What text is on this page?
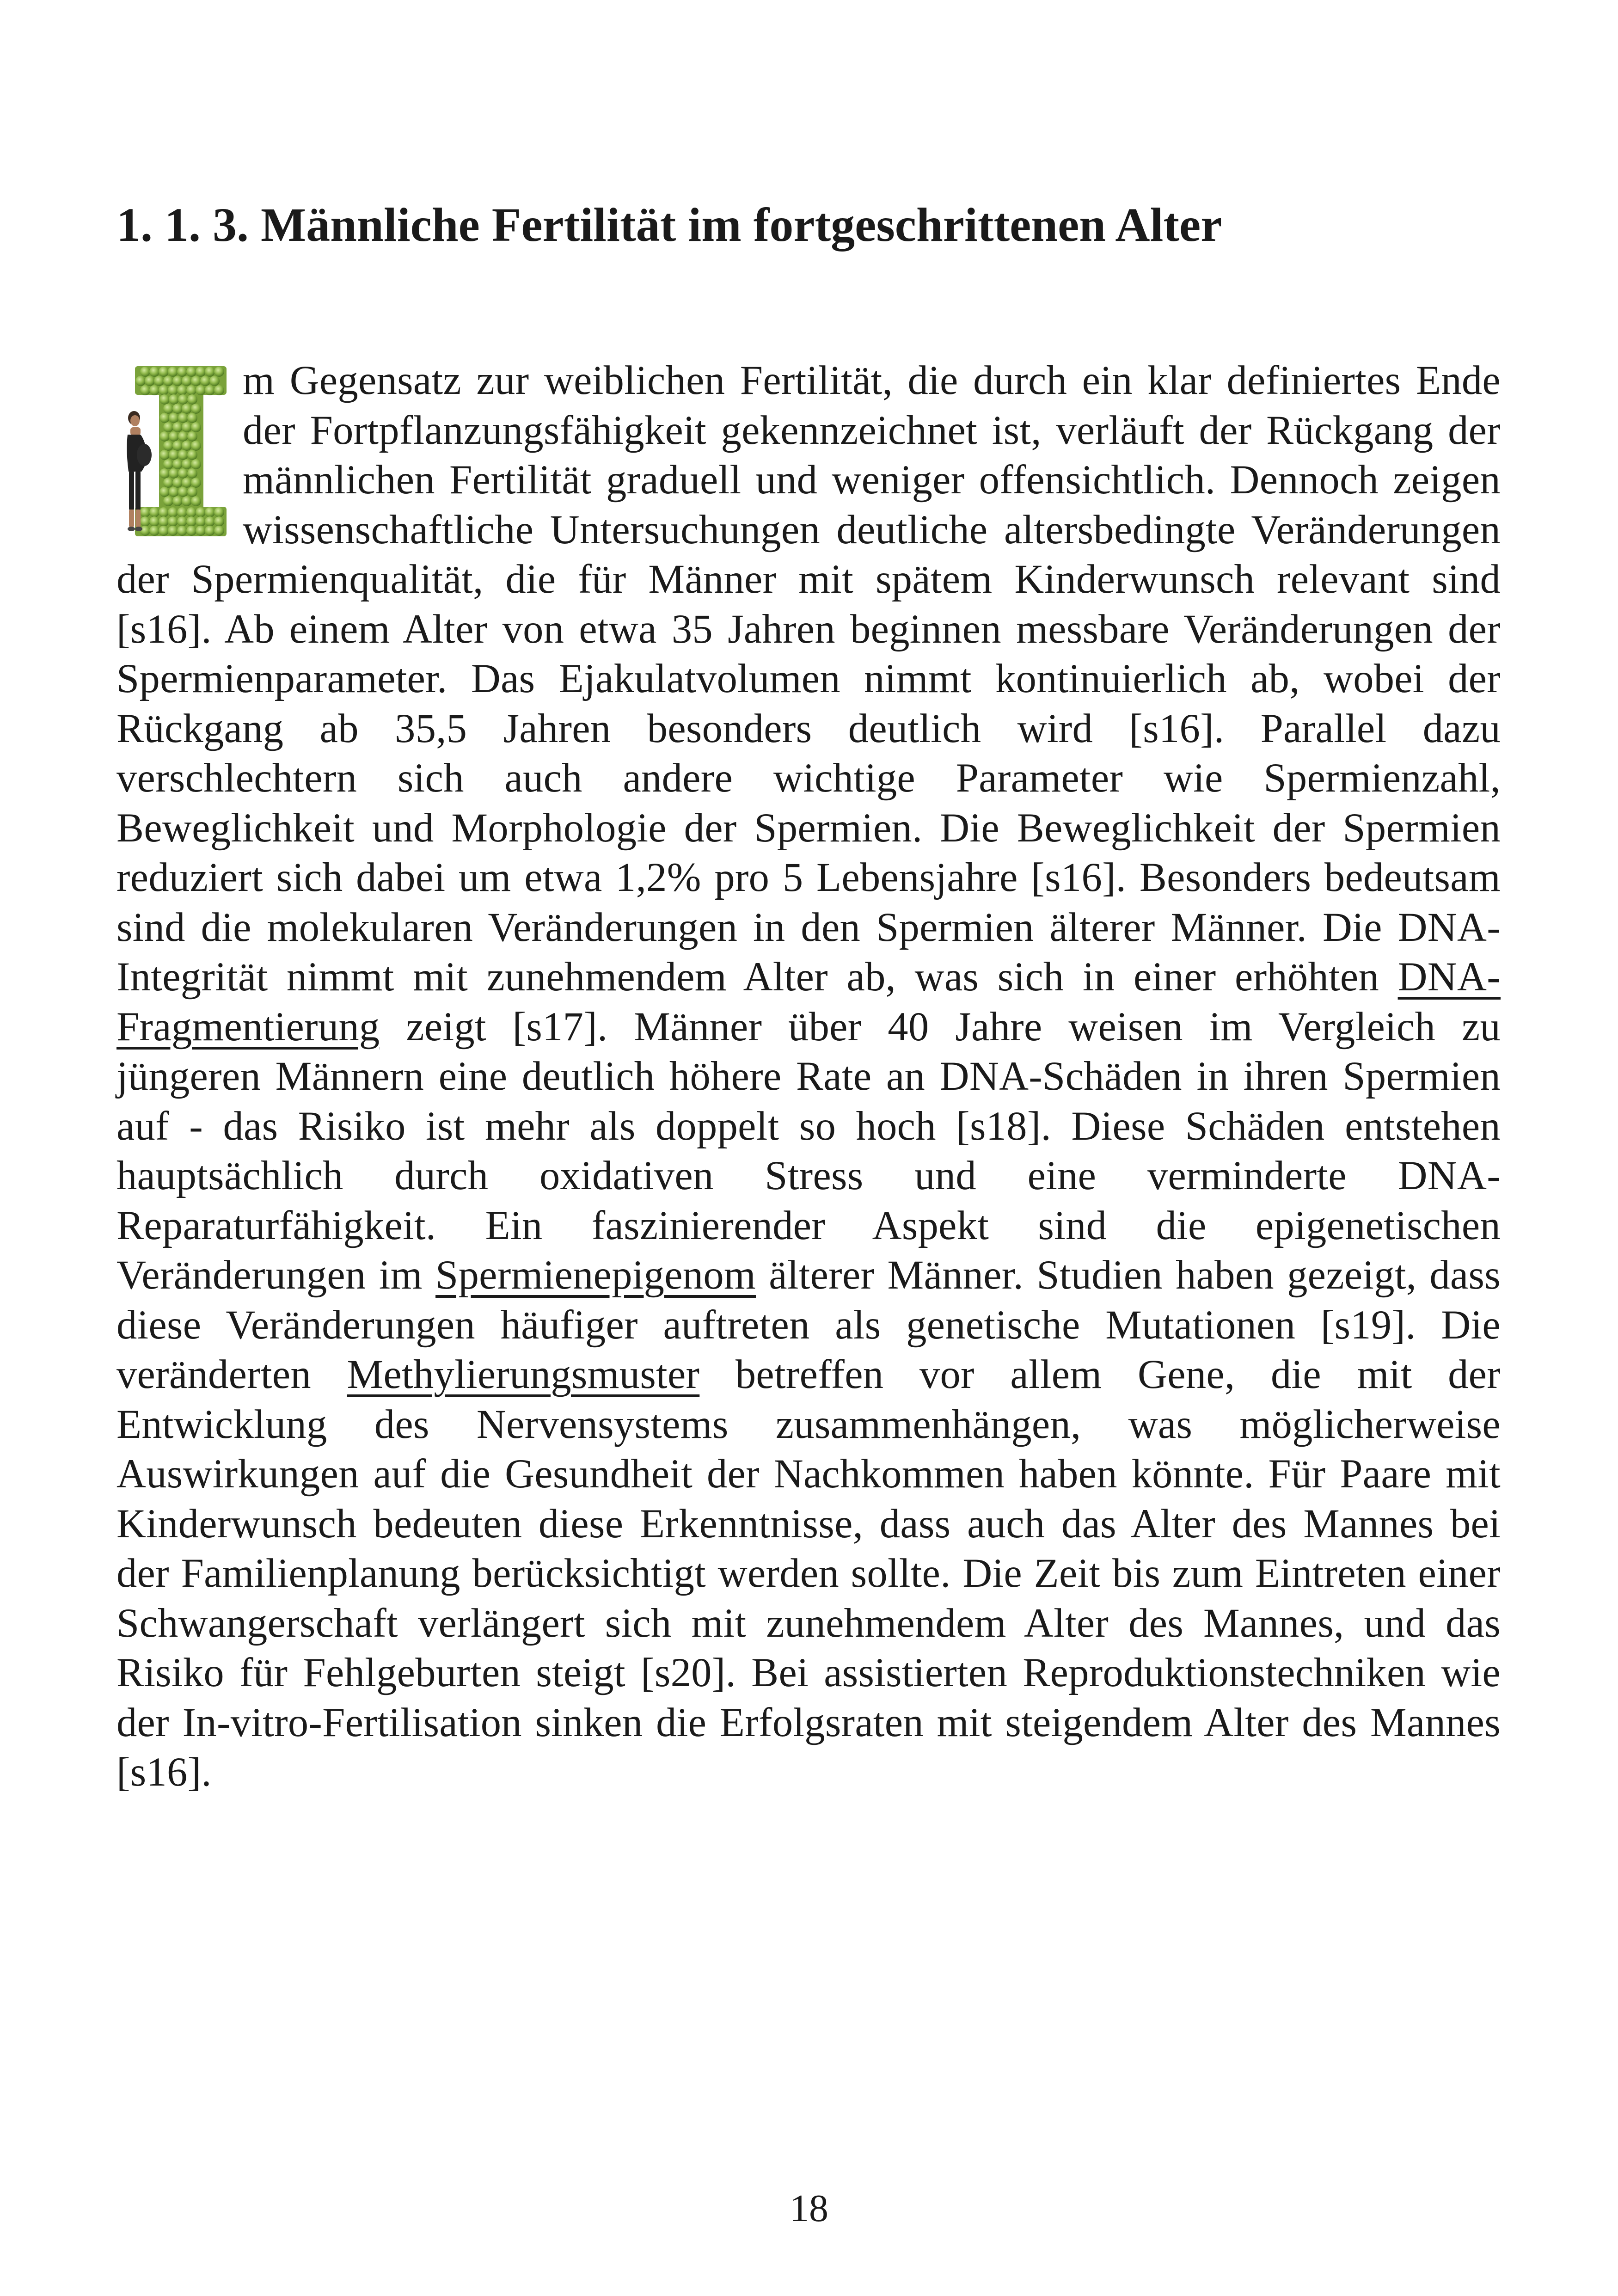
1. 1. 3. Männliche Fertilität im fortgeschrittenen Alter

m Gegensatz zur weiblichen Fertilität, die durch ein klar definiertes Ende der Fortpflanzungsfähigkeit gekennzeichnet ist, verläuft der Rückgang der männlichen Fertilität graduell und weniger offensichtlich. Dennoch zeigen wissenschaftliche Untersuchungen deutliche altersbedingte Veränderungen der Spermienqualität, die für Männer mit spätem Kinderwunsch relevant sind [s16]. Ab einem Alter von etwa 35 Jahren beginnen messbare Veränderungen der Spermienparameter. Das Ejakulatvolumen nimmt kontinuierlich ab, wobei der Rückgang ab 35,5 Jahren besonders deutlich wird [s16]. Parallel dazu verschlechtern sich auch andere wichtige Parameter wie Spermienzahl, Beweglichkeit und Morphologie der Spermien. Die Beweglichkeit der Spermien reduziert sich dabei um etwa 1,2% pro 5 Lebensjahre [s16]. Besonders bedeutsam sind die molekularen Veränderungen in den Spermien älterer Männer. Die DNA-Integrität nimmt mit zunehmendem Alter ab, was sich in einer erhöhten DNA-Fragmentierung zeigt [s17]. Männer über 40 Jahre weisen im Vergleich zu jüngeren Männern eine deutlich höhere Rate an DNA-Schäden in ihren Spermien auf - das Risiko ist mehr als doppelt so hoch [s18]. Diese Schäden entstehen hauptsächlich durch oxidativen Stress und eine verminderte DNA-Reparaturfähigkeit. Ein faszinierender Aspekt sind die epigenetischen Veränderungen im Spermienepigenom älterer Männer. Studien haben gezeigt, dass diese Veränderungen häufiger auftreten als genetische Mutationen [s19]. Die veränderten Methylierungsmuster betreffen vor allem Gene, die mit der Entwicklung des Nervensystems zusammenhängen, was möglicherweise Auswirkungen auf die Gesundheit der Nachkommen haben könnte. Für Paare mit Kinderwunsch bedeuten diese Erkenntnisse, dass auch das Alter des Mannes bei der Familienplanung berücksichtigt werden sollte. Die Zeit bis zum Eintreten einer Schwangerschaft verlängert sich mit zunehmendem Alter des Mannes, und das Risiko für Fehlgeburten steigt [s20]. Bei assistierten Reproduktionstechniken wie der In-vitro-Fertilisation sinken die Erfolgsraten mit steigendem Alter des Mannes [s16].

18
